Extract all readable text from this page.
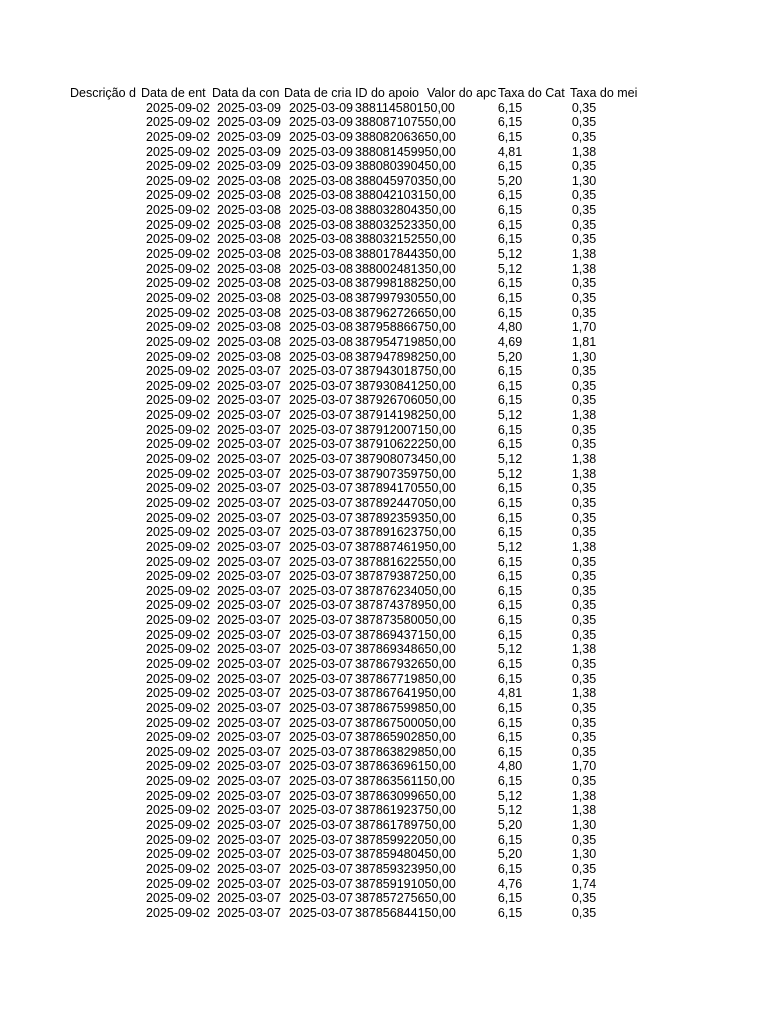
Descrição d Data de ent Data da con Data de cria ID do apoio Valor do apc Taxa do Cat Taxa do mei
2025-09-02 2025-03-09 2025-03-09 388114580150,00	6,15	0,35
2025-09-02 2025-03-09 2025-03-09 388087107550,00	6,15	0,35
2025-09-02 2025-03-09 2025-03-09 388082063650,00	6,15	0,35
2025-09-02 2025-03-09 2025-03-09 388081459950,00	4,81	1,38
2025-09-02 2025-03-09 2025-03-09 388080390450,00	6,15	0,35
2025-09-02 2025-03-08 2025-03-08 388045970350,00	5,20	1,30
2025-09-02 2025-03-08 2025-03-08 388042103150,00	6,15	0,35
2025-09-02 2025-03-08 2025-03-08 388032804350,00	6,15	0,35
2025-09-02 2025-03-08 2025-03-08 388032523350,00	6,15	0,35
2025-09-02 2025-03-08 2025-03-08 388032152550,00	6,15	0,35
2025-09-02 2025-03-08 2025-03-08 388017844350,00	5,12	1,38
2025-09-02 2025-03-08 2025-03-08 388002481350,00	5,12	1,38
2025-09-02 2025-03-08 2025-03-08 387998188250,00	6,15	0,35
2025-09-02 2025-03-08 2025-03-08 387997930550,00	6,15	0,35
2025-09-02 2025-03-08 2025-03-08 387962726650,00	6,15	0,35
2025-09-02 2025-03-08 2025-03-08 387958866750,00	4,80	1,70
2025-09-02 2025-03-08 2025-03-08 387954719850,00	4,69	1,81
2025-09-02 2025-03-08 2025-03-08 387947898250,00	5,20	1,30
2025-09-02 2025-03-07 2025-03-07 387943018750,00	6,15	0,35
2025-09-02 2025-03-07 2025-03-07 387930841250,00	6,15	0,35
2025-09-02 2025-03-07 2025-03-07 387926706050,00	6,15	0,35
2025-09-02 2025-03-07 2025-03-07 387914198250,00	5,12	1,38
2025-09-02 2025-03-07 2025-03-07 387912007150,00	6,15	0,35
2025-09-02 2025-03-07 2025-03-07 387910622250,00	6,15	0,35
2025-09-02 2025-03-07 2025-03-07 387908073450,00	5,12	1,38
2025-09-02 2025-03-07 2025-03-07 387907359750,00	5,12	1,38
2025-09-02 2025-03-07 2025-03-07 387894170550,00	6,15	0,35
2025-09-02 2025-03-07 2025-03-07 387892447050,00	6,15	0,35
2025-09-02 2025-03-07 2025-03-07 387892359350,00	6,15	0,35
2025-09-02 2025-03-07 2025-03-07 387891623750,00	6,15	0,35
2025-09-02 2025-03-07 2025-03-07 387887461950,00	5,12	1,38
2025-09-02 2025-03-07 2025-03-07 387881622550,00	6,15	0,35
2025-09-02 2025-03-07 2025-03-07 387879387250,00	6,15	0,35
2025-09-02 2025-03-07 2025-03-07 387876234050,00	6,15	0,35
2025-09-02 2025-03-07 2025-03-07 387874378950,00	6,15	0,35
2025-09-02 2025-03-07 2025-03-07 387873580050,00	6,15	0,35
2025-09-02 2025-03-07 2025-03-07 387869437150,00	6,15	0,35
2025-09-02 2025-03-07 2025-03-07 387869348650,00	5,12	1,38
2025-09-02 2025-03-07 2025-03-07 387867932650,00	6,15	0,35
2025-09-02 2025-03-07 2025-03-07 387867719850,00	6,15	0,35
2025-09-02 2025-03-07 2025-03-07 387867641950,00	4,81	1,38
2025-09-02 2025-03-07 2025-03-07 387867599850,00	6,15	0,35
2025-09-02 2025-03-07 2025-03-07 387867500050,00	6,15	0,35
2025-09-02 2025-03-07 2025-03-07 387865902850,00	6,15	0,35
2025-09-02 2025-03-07 2025-03-07 387863829850,00	6,15	0,35
2025-09-02 2025-03-07 2025-03-07 387863696150,00	4,80	1,70
2025-09-02 2025-03-07 2025-03-07 387863561150,00	6,15	0,35
2025-09-02 2025-03-07 2025-03-07 387863099650,00	5,12	1,38
2025-09-02 2025-03-07 2025-03-07 387861923750,00	5,12	1,38
2025-09-02 2025-03-07 2025-03-07 387861789750,00	5,20	1,30
2025-09-02 2025-03-07 2025-03-07 387859922050,00	6,15	0,35
2025-09-02 2025-03-07 2025-03-07 387859480450,00	5,20	1,30
2025-09-02 2025-03-07 2025-03-07 387859323950,00	6,15	0,35
2025-09-02 2025-03-07 2025-03-07 387859191050,00	4,76	1,74
2025-09-02 2025-03-07 2025-03-07 387857275650,00	6,15	0,35
2025-09-02 2025-03-07 2025-03-07 387856844150,00	6,15	0,35
